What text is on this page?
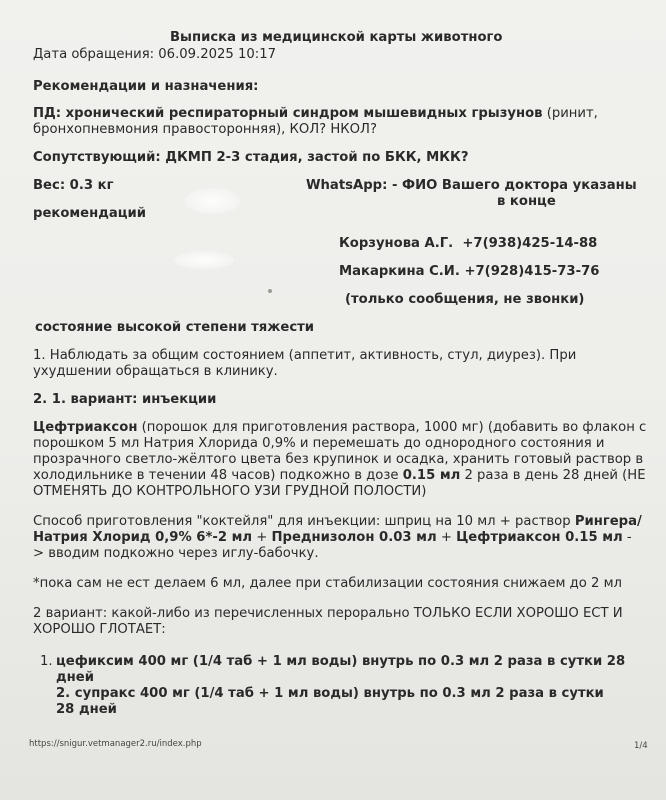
Выписка из медицинской карты животного
Дата обращения: 06.09.2025 10:17
Рекомендации и назначения:
ПД: хронический респираторный синдром мышевидных грызунов (ринит,
бронхопневмония правосторонняя), КОЛ? НКОЛ?
Сопутствующий: ДКМП 2-3 стадия, застой по БКК, МКК?
Вес: 0.3 кг	WhatsApp: - ФИО Вашего доктора указаны
в конце
рекомендаций
Корзунова А.Г. +7(938)425-14-88
Макаркина С.И. +7(928)415-73-76
(только сообщения, не звонки)
состояние высокой степени тяжести
1. Наблюдать за общим состоянием (аппетит, активность, стул, диурез). При
ухудшении обращаться в клинику.
2. 1. вариант: инъекции
Цефтриаксон (порошок для приготовления раствора, 1000 мг) (добавить во флакон с
порошком 5 мл Натрия Хлорида 0,9% и перемешать до однородного состояния и
прозрачного светло-жёлтого цвета без крупинок и осадка, хранить готовый раствор в
холодильнике в течении 48 часов) подкожно в дозе 0.15 мл 2 раза в день 28 дней (НЕ
ОТМЕНЯТЬ ДО КОНТРОЛЬНОГО УЗИ ГРУДНОЙ ПОЛОСТИ)
Способ приготовления "коктейля" для инъекции: шприц на 10 мл + раствор Рингера/
Натрия Хлорид 0,9% 6*-2 мл + Преднизолон 0.03 мл + Цефтриаксон 0.15 мл -
> вводим подкожно через иглу-бабочку.
*пока сам не ест делаем 6 мл, далее при стабилизации состояния снижаем до 2 мл
2 вариант: какой-либо из перечисленных перорально ТОЛЬКО ЕСЛИ ХОРОШО ЕСТ И
ХОРОШО ГЛОТАЕТ:
1. цефиксим 400 мг (1/4 таб + 1 мл воды) внутрь по 0.3 мл 2 раза в сутки 28
дней
2. супракс 400 мг (1/4 таб + 1 мл воды) внутрь по 0.3 мл 2 раза в сутки
28 дней
https://snigur.vetmanager2.ru/index.php	1/4
